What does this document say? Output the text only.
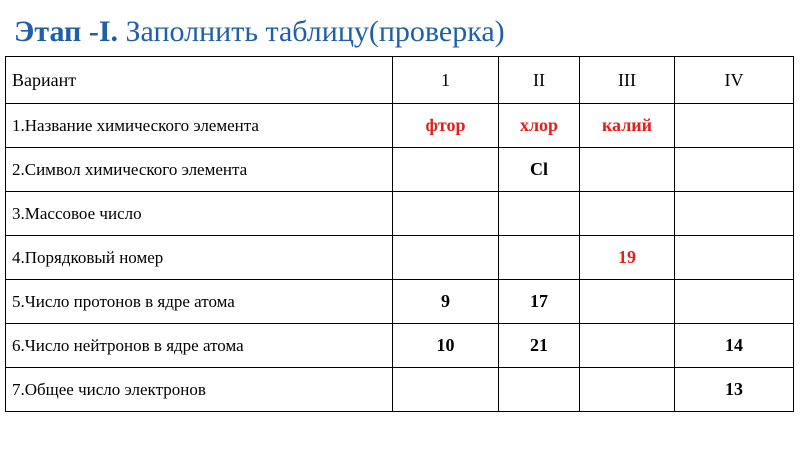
Этап -I. Заполнить таблицу(проверка)
Вариант	1	II	III	IV
1.Название химического элемента	фтор	хлор	калий	
2.Символ химического элемента		Cl		
3.Массовое число				
4.Порядковый номер			19	
5.Число протонов в ядре атома	9	17		
6.Число нейтронов в ядре атома	10	21		14
7.Общее число электронов				13
